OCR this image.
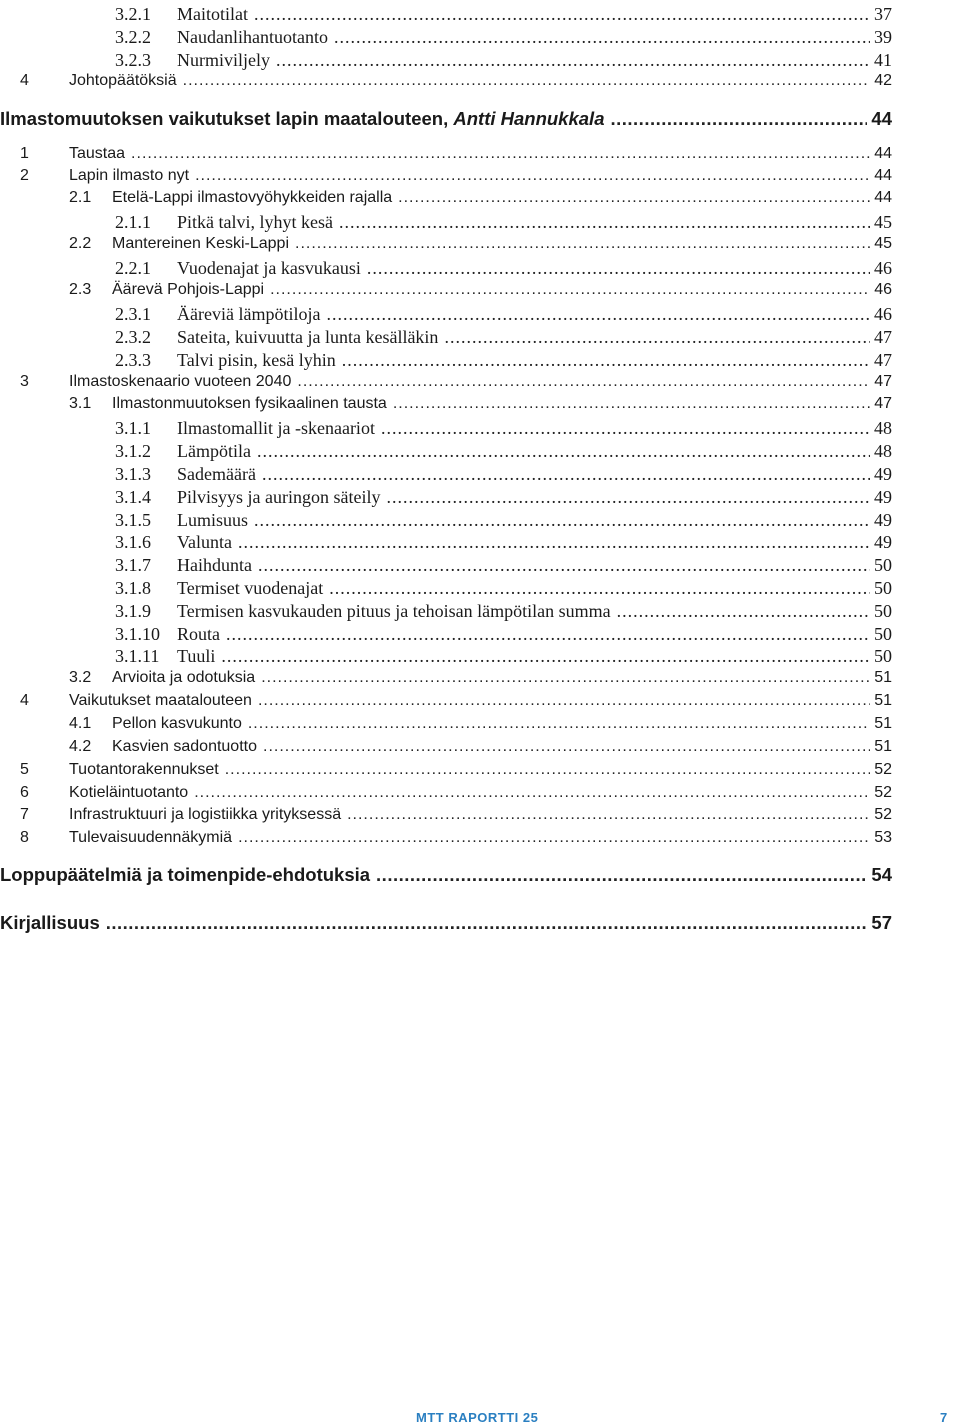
3.2.1 Maitotilat .....	37
3.2.2 Naudanlihantuotanto .....	39
3.2.3 Nurmiviljely .....	41
4	Johtopäätöksiä .....	42
Ilmastomuutoksen vaikutukset lapin maatalouteen, Antti Hannukkala .....	44
1	Taustaa .....	44
2	Lapin ilmasto nyt .....	44
2.1 Etelä-Lappi ilmastovyöhykkeiden rajalla .....	44
2.1.1 Pitkä talvi, lyhyt kesä .....	45
2.2 Mantereinen Keski-Lappi .....	45
2.2.1 Vuodenajat ja kasvukausi .....	46
2.3 Äärevä Pohjois-Lappi .....	46
2.3.1 Ääreviä lämpötiloja .....	46
2.3.2 Sateita, kuivuutta ja lunta kesälläkin .....	47
2.3.3 Talvi pisin, kesä lyhin .....	47
3	Ilmastoskenaario vuoteen 2040 .....	47
3.1 Ilmastonmuutoksen fysikaalinen tausta .....	47
3.1.1 Ilmastomallit ja -skenaariot .....	48
3.1.2 Lämpötila .....	48
3.1.3 Sademäärä .....	49
3.1.4 Pilvisyys ja auringon säteily .....	49
3.1.5 Lumisuus .....	49
3.1.6 Valunta .....	49
3.1.7 Haihdunta .....	50
3.1.8 Termiset vuodenajat .....	50
3.1.9 Termisen kasvukauden pituus ja tehoisan lämpötilan summa .....	50
3.1.10 Routa .....	50
3.1.11 Tuuli .....	50
3.2 Arvioita ja odotuksia .....	51
4	Vaikutukset maatalouteen .....	51
4.1 Pellon kasvukunto .....	51
4.2 Kasvien sadontuotto .....	51
5	Tuotantorakennukset .....	52
6	Kotieläintuotanto .....	52
7	Infrastruktuuri ja logistiikka yrityksessä .....	52
8	Tulevaisuudennäkymiä .....	53
Loppupäätelmiä ja toimenpide-ehdotuksia .....	54
Kirjallisuus .....	57
MTT RAPORTTI 25	7
